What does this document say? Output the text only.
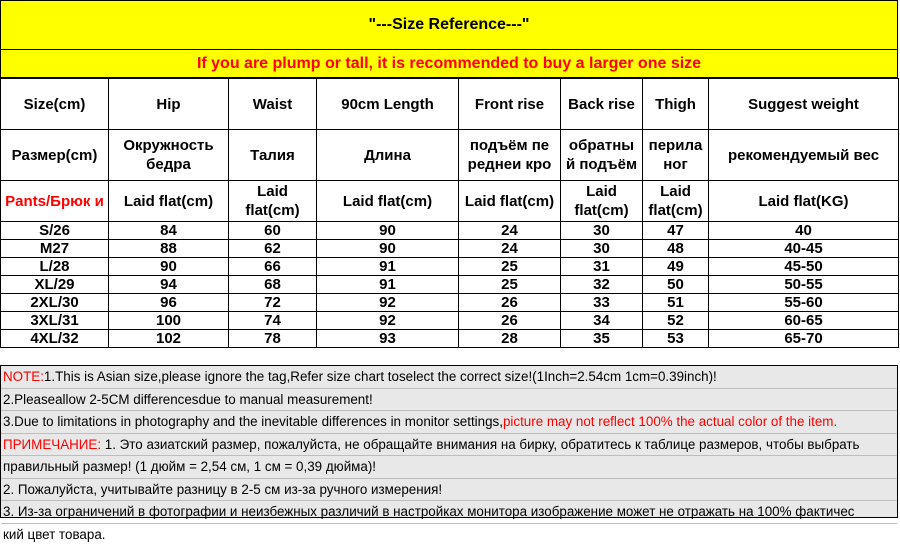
"---Size Reference---"
If you are plump or tall, it is recommended to buy a larger one size
Size(cm)	Hip	Waist	90cm Length	Front rise	Back rise	Thigh	Suggest weight
Размер(cm)	Окружность бедра	Талия	Длина	подъём пе реднеи кро	обратны й подъём	перила ног	рекомендуемый вес
Pants/Брюк и	Laid flat(cm)	Laid flat(cm)	Laid flat(cm)	Laid flat(cm)	Laid flat(cm)	Laid flat(cm)	Laid flat(KG)
S/26	84	60	90	24	30	47	40
M27	88	62	90	24	30	48	40-45
L/28	90	66	91	25	31	49	45-50
XL/29	94	68	91	25	32	50	50-55
2XL/30	96	72	92	26	33	51	55-60
3XL/31	100	74	92	26	34	52	60-65
4XL/32	102	78	93	28	35	53	65-70
NOTE:1.This is Asian size,please ignore the tag,Refer size chart toselect the correct size!(1Inch=2.54cm 1cm=0.39inch)!
2.Pleaseallow 2-5CM differencesdue to manual measurement!
3.Due to limitations in photography and the inevitable differences in monitor settings,picture may not reflect 100% the actual color of the item.
ПРИМЕЧАНИЕ: 1. Это азиатский размер, пожалуйста, не обращайте внимания на бирку, обратитесь к таблице размеров, чтобы выбрать
правильный размер! (1 дюйм = 2,54 см, 1 см = 0,39 дюйма)!
2. Пожалуйста, учитывайте разницу в 2-5 см из-за ручного измерения!
3. Из-за ограничений в фотографии и неизбежных различий в настройках монитора изображение может не отражать на 100% фактичес
кий цвет товара.
